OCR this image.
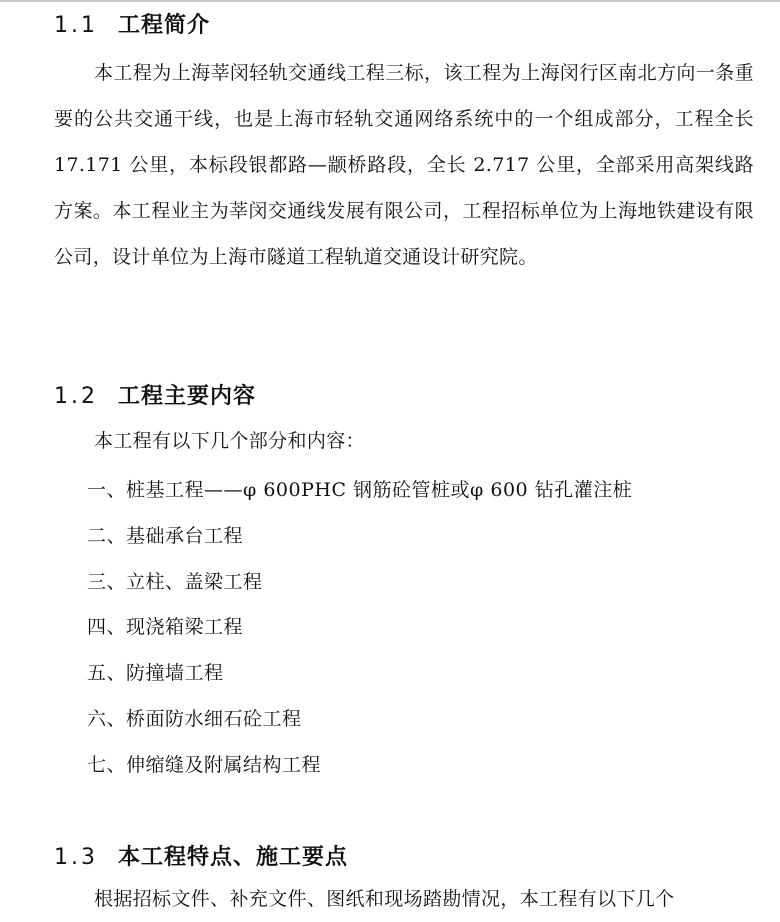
1.1 工程简介

本工程为上海莘闵轻轨交通线工程三标，该工程为上海闵行区南北方向一条重要的公共交通干线，也是上海市轻轨交通网络系统中的一个组成部分，工程全长 17.171 公里，本标段银都路—颛桥路段，全长 2.717 公里，全部采用高架线路方案。本工程业主为莘闵交通线发展有限公司，工程招标单位为上海地铁建设有限公司，设计单位为上海市隧道工程轨道交通设计研究院。

1.2 工程主要内容

本工程有以下几个部分和内容：

一、桩基工程——φ 600PHC 钢筋砼管桩或φ 600 钻孔灌注桩

二、基础承台工程

三、立柱、盖梁工程

四、现浇箱梁工程

五、防撞墙工程

六、桥面防水细石砼工程

七、伸缩缝及附属结构工程

1.3 本工程特点、施工要点

根据招标文件、补充文件、图纸和现场踏勘情况，本工程有以下几个
